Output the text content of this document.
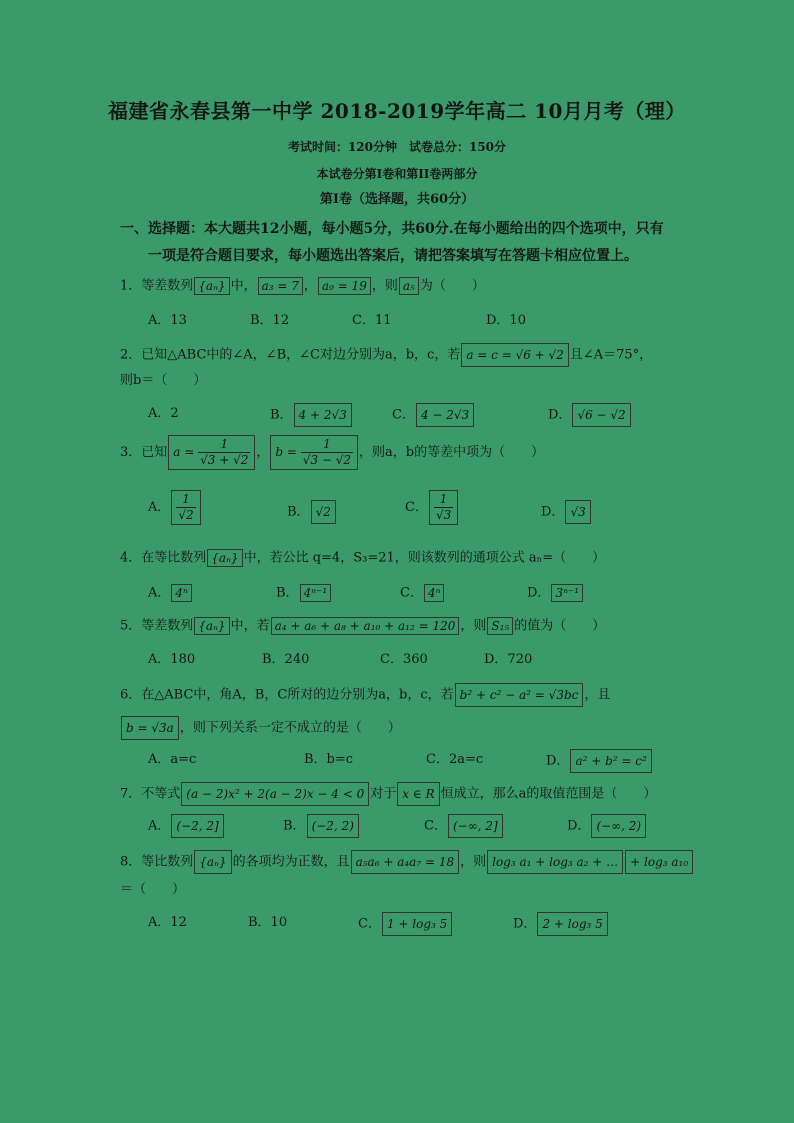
福建省永春县第一中学 2018-2019学年高二 10月月考（理）
考试时间：120分钟　试卷总分：150分
本试卷分第I卷和第II卷两部分
第I卷（选择题，共60分）
一、选择题：本大题共12小题，每小题5分，共60分.在每小题给出的四个选项中，只有
一项是符合题目要求，每小题选出答案后，请把答案填写在答题卡相应位置上。
1．等差数列 {aₙ} 中， a₃ = 7 ， a₉ = 19 ，则 a₅ 为（　　）
A．13	B．12	C．11	D．10
2．已知△ABC中的∠A，∠B，∠C对边分别为a，b，c，若 a = c = √6 + √2 且∠A＝75°，
则b＝（　　）
A．2	B． 4 + 2√3	C． 4 − 2√3	D． √6 − √2
3．已知 $a = \frac{1}{√3 + √2}$ ， $b = \frac{1}{√3 - √2}$ ，则a，b的等差中项为（　　）
A． $\frac{1}{√2}$	B． √2	C． $\frac{1}{√3}$	D． √3
4．在等比数列 {aₙ} 中，若公比 q=4，S₃=21，则该数列的通项公式 aₙ=（　　）
A． 4ⁿ	B． 4ⁿ⁻¹	C． 4ⁿ	D． 3ⁿ⁻¹
5．等差数列 {aₙ} 中，若 a₄ + a₆ + a₈ + a₁₀ + a₁₂ = 120 ，则 S₁₅ 的值为（　　）
A．180	B．240	C．360	D．720
6．在△ABC中，角A，B，C所对的边分别为a，b，c，若 b² + c² − a² = √3bc ，且
b = √3a ，则下列关系一定不成立的是（　　）
A．a=c	B．b=c	C．2a=c	D． a² + b² = c²
7．不等式 (a − 2)x² + 2(a − 2)x − 4 < 0 对于 x ∈ R 恒成立，那么a的取值范围是（　　）
A． (−2, 2]	B． (−2, 2)	C． (−∞, 2]	D． (−∞, 2)
8．等比数列 {aₙ} 的各项均为正数，且 a₅a₆ + a₄a₇ = 18 ，则 log₃ a₁ + log₃ a₂ + … + log₃ a₁₀
＝（　　）
A．12	B．10	C． 1 + log₃ 5	D． 2 + log₃ 5
